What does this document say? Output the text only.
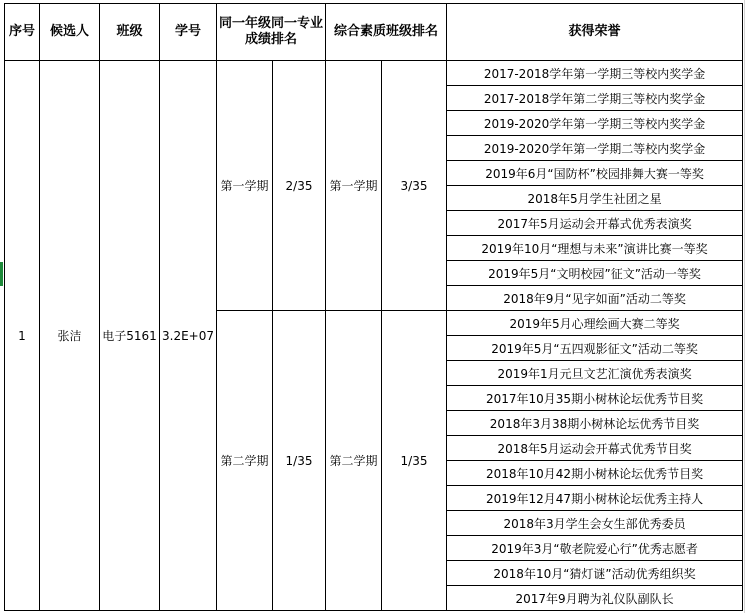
序号	候选人	班级	学号	同一年级同一专业成绩排名		综合素质班级排名		获得荣誉
1	张洁	电子5161	3.2E+07	第一学期	2/35	第一学期	3/35	2017-2018学年第一学期三等校内奖学金
								2017-2018学年第二学期三等校内奖学金
								2019-2020学年第一学期三等校内奖学金
								2019-2020学年第一学期二等校内奖学金
								2019年6月“国防杯”校园排舞大赛一等奖
								2018年5月学生社团之星
								2017年5月运动会开幕式优秀表演奖
								2019年10月“理想与未来”演讲比赛一等奖
								2019年5月“文明校园”征文”活动一等奖
								2018年9月“见字如面”活动二等奖
				第二学期	1/35	第二学期	1/35	2019年5月心理绘画大赛二等奖
								2019年5月“五四观影征文”活动二等奖
								2019年1月元旦文艺汇演优秀表演奖
								2017年10月35期小树林论坛优秀节目奖
								2018年3月38期小树林论坛优秀节目奖
								2018年5月运动会开幕式优秀节目奖
								2018年10月42期小树林论坛优秀节目奖
								2019年12月47期小树林论坛优秀主持人
								2018年3月学生会女生部优秀委员
								2019年3月“敬老院爱心行”优秀志愿者
								2018年10月“猜灯谜”活动优秀组织奖
								2017年9月聘为礼仪队副队长
